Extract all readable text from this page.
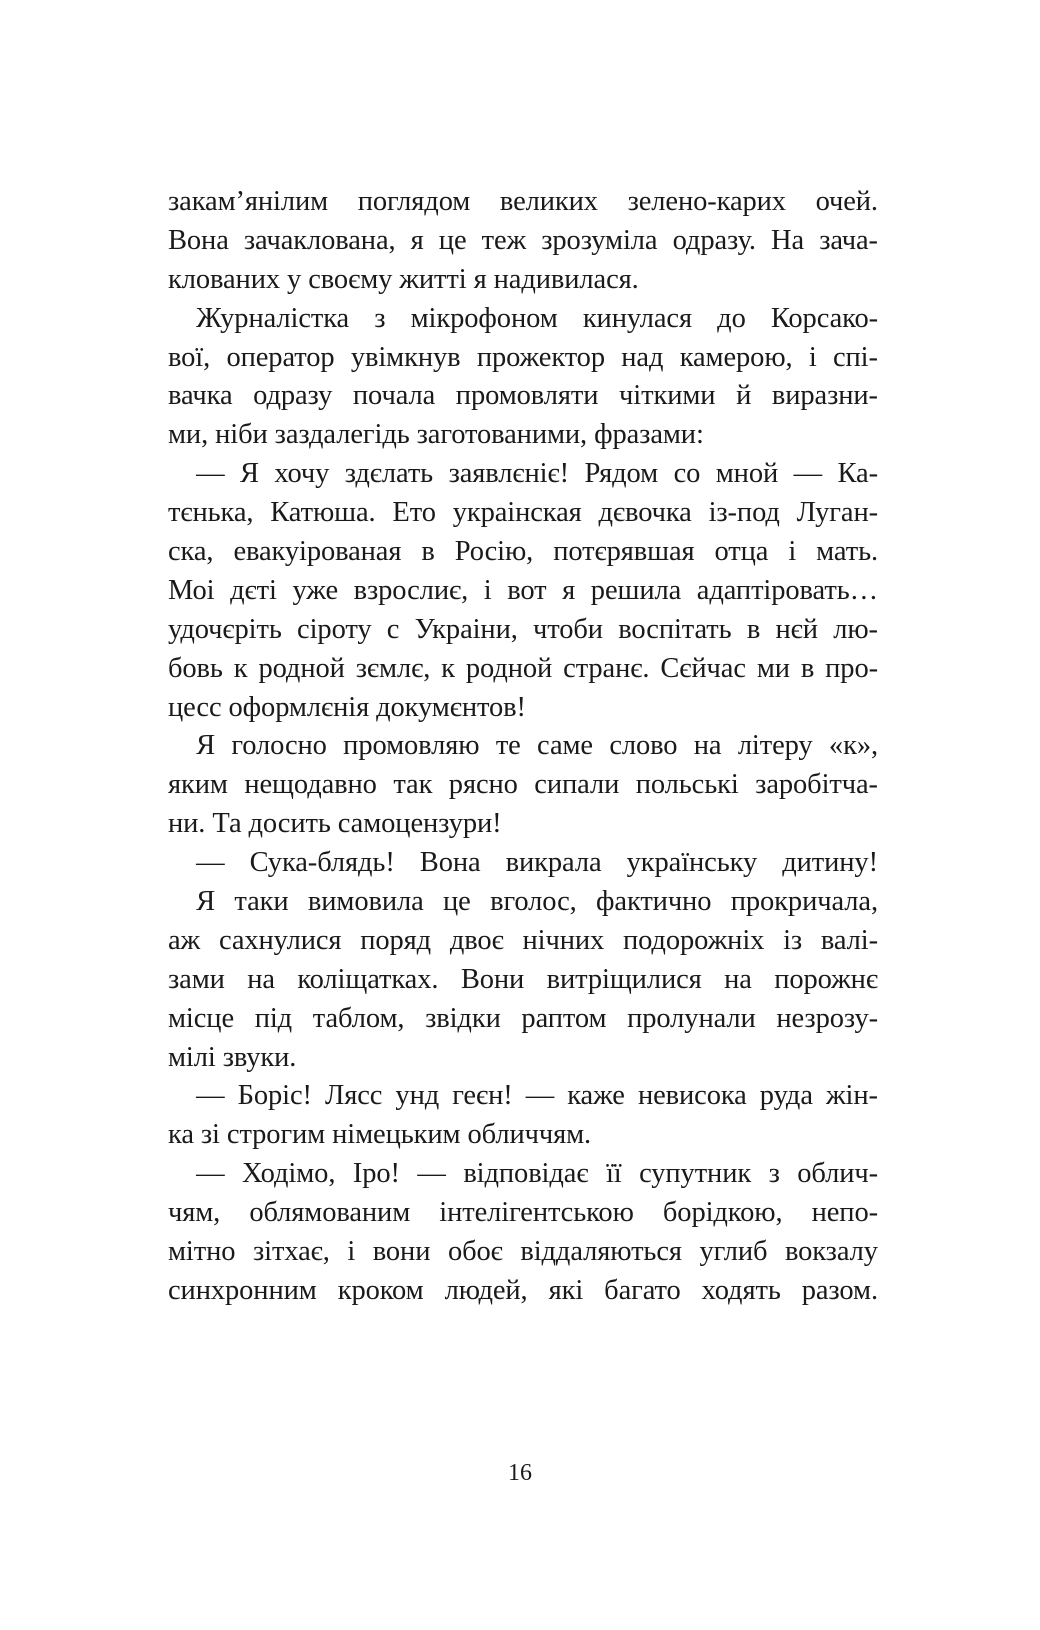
закам’янілим поглядом великих зелено-карих очей.
Вона зачаклована, я це теж зрозуміла одразу. На зача-
клованих у своєму житті я надивилася.
Журналістка з мікрофоном кинулася до Корсако-
вої, оператор увімкнув прожектор над камерою, і спі-
вачка одразу почала промовляти чіткими й виразни-
ми, ніби заздалегідь заготованими, фразами:
— Я хочу здєлать заявлєніє! Рядом со мной — Ка-
тєнька, Катюша. Ето украінская дєвочка із-под Луган-
ска, евакуірованая в Росію, потєрявшая отца і мать.
Моі дєті уже взрослиє, і вот я решила адаптіровать…
удочєріть сіроту с Украіни, чтоби воспітать в нєй лю-
бовь к родной зємлє, к родной странє. Сєйчас ми в про-
цесс оформлєнія докумєнтов!
Я голосно промовляю те саме слово на літеру «к»,
яким нещодавно так рясно сипали польські заробітча-
ни. Та досить самоцензури!
— Сука-блядь! Вона викрала українську дитину!
Я таки вимовила це вголос, фактично прокричала,
аж сахнулися поряд двоє нічних подорожніх із валі-
зами на коліщатках. Вони витріщилися на порожнє
місце під таблом, звідки раптом пролунали незрозу-
мілі звуки.
— Боріс! Лясс унд геєн! — каже невисока руда жін-
ка зі строгим німецьким обличчям.
— Ходімо, Іро! — відповідає її супутник з облич-
чям, облямованим інтелігентською борідкою, непо-
мітно зітхає, і вони обоє віддаляються углиб вокзалу
синхронним кроком людей, які багато ходять разом.
16
